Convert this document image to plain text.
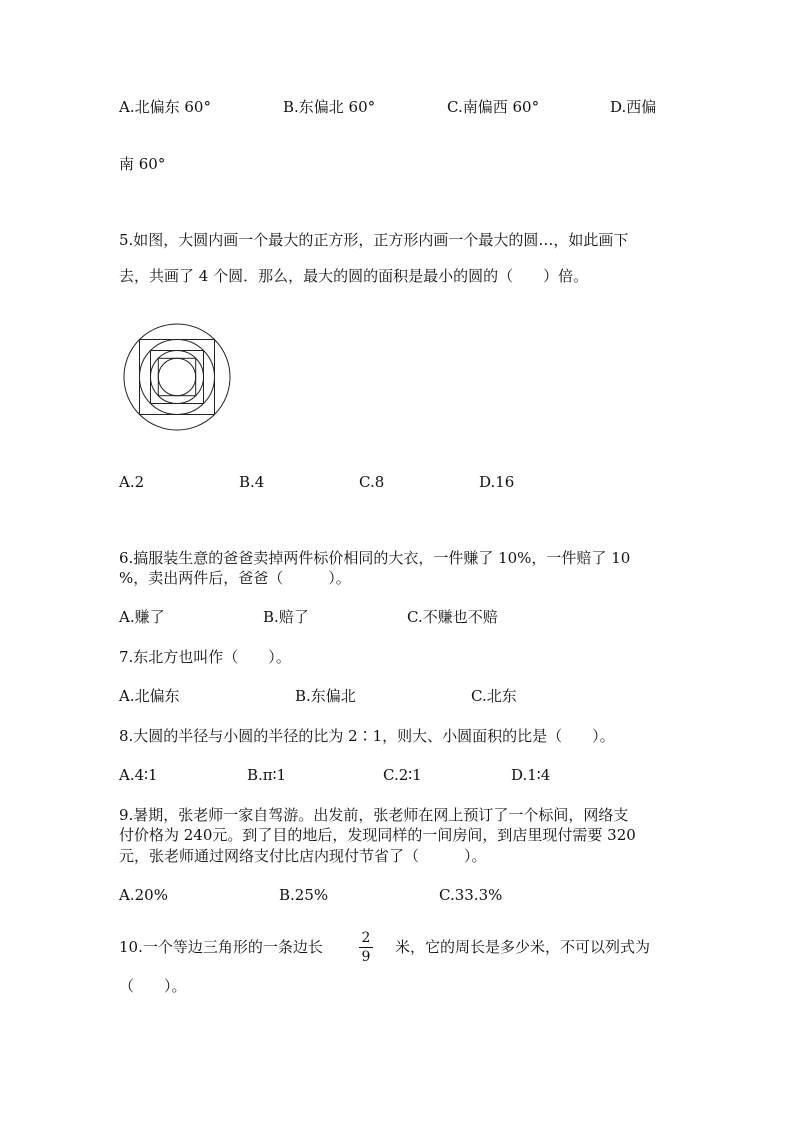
A.北偏东 60°	B.东偏北 60°	C.南偏西 60°	D.西偏
南 60°
5.如图，大圆内画一个最大的正方形，正方形内画一个最大的圆…，如此画下
去，共画了 4 个圆．那么，最大的圆的面积是最小的圆的（　　）倍。
A.2	B.4	C.8	D.16
6.搞服装生意的爸爸卖掉两件标价相同的大衣，一件赚了 10%，一件赔了 10
%，卖出两件后，爸爸（　　　）。
A.赚了	B.赔了	C.不赚也不赔
7.东北方也叫作（　　）。
A.北偏东	B.东偏北	C.北东
8.大圆的半径与小圆的半径的比为 2∶1，则大、小圆面积的比是（　　）。
A.4∶1	B.π∶1	C.2∶1	D.1∶4
9.暑期，张老师一家自驾游。出发前，张老师在网上预订了一个标间，网络支
付价格为 240元。到了目的地后，发现同样的一间房间，到店里现付需要 320
元，张老师通过网络支付比店内现付节省了（　　　）。
A.20%	B.25%	C.33.3%
10.一个等边三角形的一条边长	2
9
米，它的周长是多少米，不可以列式为
（　　）。
